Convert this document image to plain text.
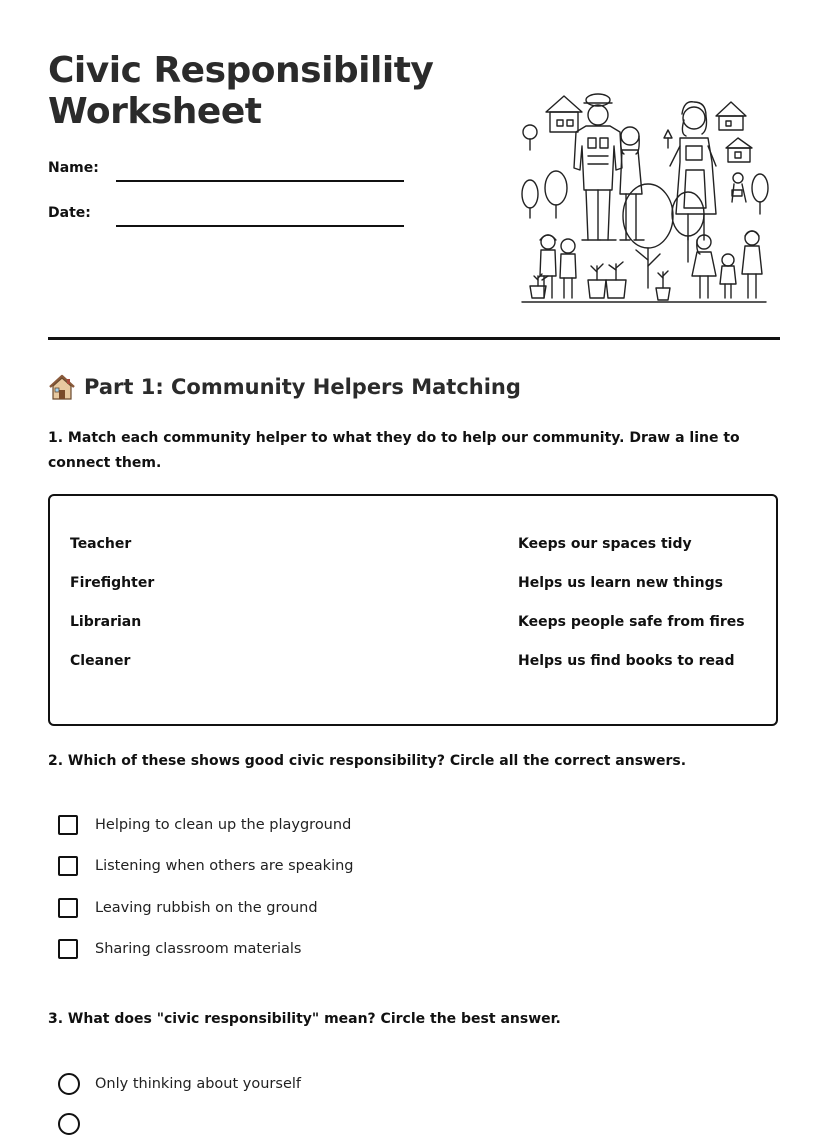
Civic Responsibility
Worksheet
Name:
Date:
Part 1: Community Helpers Matching

1. Match each community helper to what they do to help our community. Draw a line to connect them.

Teacher
Firefighter
Librarian
Cleaner
Keeps our spaces tidy
Helps us learn new things
Keeps people safe from fires
Helps us find books to read

2. Which of these shows good civic responsibility? Circle all the correct answers.

Helping to clean up the playground
Listening when others are speaking
Leaving rubbish on the ground
Sharing classroom materials

3. What does "civic responsibility" mean? Circle the best answer.

Only thinking about yourself
